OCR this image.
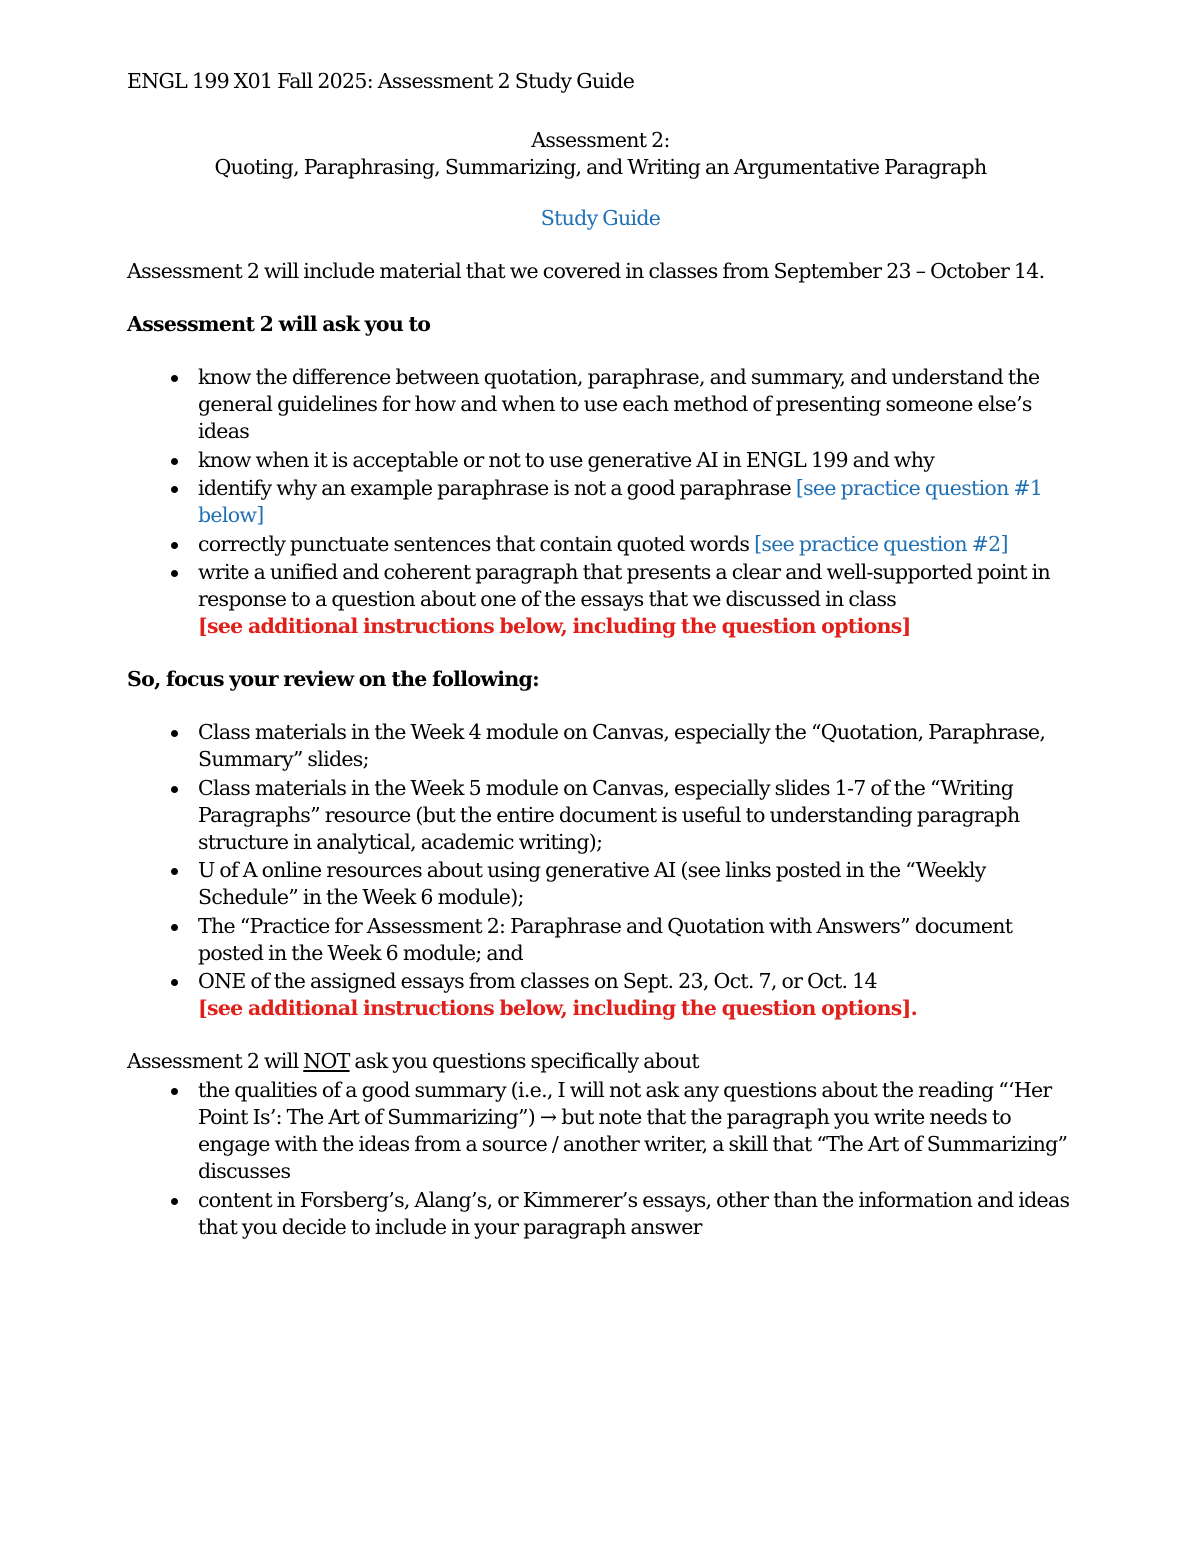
ENGL 199 X01 Fall 2025: Assessment 2 Study Guide

Assessment 2:

Quoting, Paraphrasing, Summarizing, and Writing an Argumentative Paragraph

Study Guide

Assessment 2 will include material that we covered in classes from September 23 – October 14.

Assessment 2 will ask you to

know the difference between quotation, paraphrase, and summary, and understand the general guidelines for how and when to use each method of presenting someone else’s ideas
know when it is acceptable or not to use generative AI in ENGL 199 and why
identify why an example paraphrase is not a good paraphrase [see practice question #1 below]
correctly punctuate sentences that contain quoted words [see practice question #2]
write a unified and coherent paragraph that presents a clear and well-supported point in response to a question about one of the essays that we discussed in class
[see additional instructions below, including the question options]

So, focus your review on the following:

Class materials in the Week 4 module on Canvas, especially the “Quotation, Paraphrase, Summary” slides;
Class materials in the Week 5 module on Canvas, especially slides 1-7 of the “Writing Paragraphs” resource (but the entire document is useful to understanding paragraph structure in analytical, academic writing);
U of A online resources about using generative AI (see links posted in the “Weekly Schedule” in the Week 6 module);
The “Practice for Assessment 2: Paraphrase and Quotation with Answers” document posted in the Week 6 module; and
ONE of the assigned essays from classes on Sept. 23, Oct. 7, or Oct. 14
[see additional instructions below, including the question options].

Assessment 2 will NOT ask you questions specifically about

the qualities of a good summary (i.e., I will not ask any questions about the reading “‘Her Point Is’: The Art of Summarizing”) → but note that the paragraph you write needs to engage with the ideas from a source / another writer, a skill that “The Art of Summarizing” discusses
content in Forsberg’s, Alang’s, or Kimmerer’s essays, other than the information and ideas that you decide to include in your paragraph answer
